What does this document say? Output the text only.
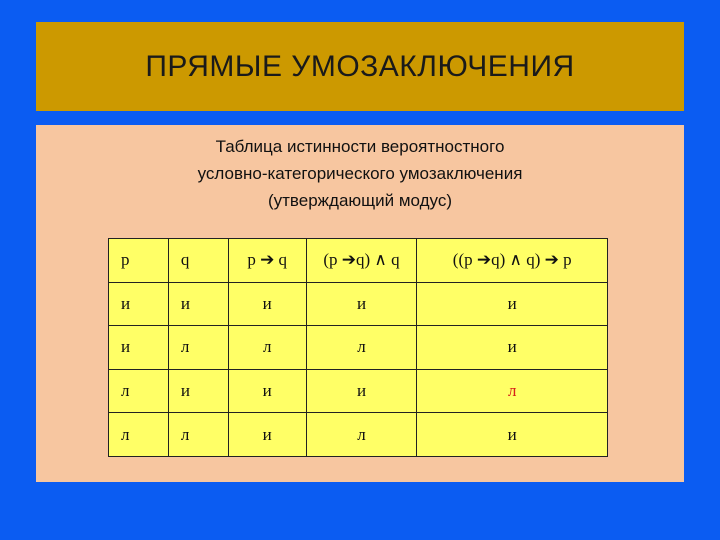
ПРЯМЫЕ УМОЗАКЛЮЧЕНИЯ
Таблица истинности вероятностного
условно-категорического умозаключения
(утверждающий модус)
p	q	p ➔ q	(p ➔q) ∧ q	((p ➔q) ∧ q) ➔ p
и	и	и	и	и
и	л	л	л	и
л	и	и	и	л
л	л	и	л	и
